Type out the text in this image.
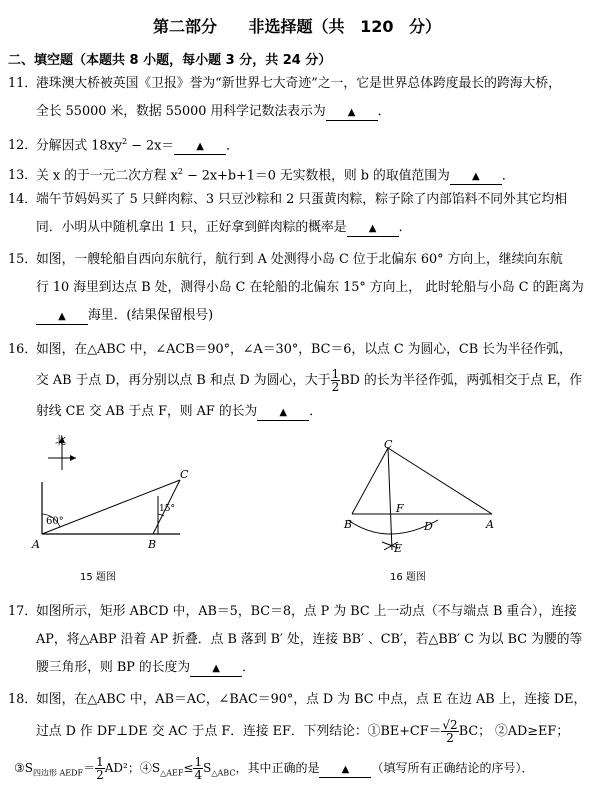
第二部分　 非选择题（共 120 分）
二、填空题（本题共 8 小题，每小题 3 分，共 24 分）
11．港珠澳大桥被英国《卫报》誉为“新世界七大奇迹”之一，它是世界总体跨度最长的跨海大桥，
全长 55000 米，数据 55000 用科学记数法表示为 ▲ ．
12．分解因式 $18xy^2 - 2x=$ ▲ ．
13．关 x 的于一元二次方程 $x^2 - 2x+b+1=0$ 无实数根，则 b 的取值范围为 ▲ ．
14．端午节妈妈买了 5 只鲜肉粽、3 只豆沙粽和 2 只蛋黄肉粽，粽子除了内部馅料不同外其它均相
同．小明从中随机拿出 1 只，正好拿到鲜肉粽的概率是 ▲ ．
15．如图，一艘轮船自西向东航行，航行到 A 处测得小岛 C 位于北偏东 60° 方向上，继续向东航
行 10 海里到达点 B 处，测得小岛 C 在轮船的北偏东 15° 方向上， 此时轮船与小岛 C 的距离为
▲ 海里．(结果保留根号)
16．如图，在△ABC 中，∠ACB＝90°，∠A＝30°，BC＝6，以点 C 为圆心，CB 长为半径作弧，
交 AB 于点 D，再分别以点 B 和点 D 为圆心，大于 $\frac{1}{2}$ BD 的长为半径作弧，两弧相交于点 E，作
射线 CE 交 AB 于点 F，则 AF 的长为 ▲ ．
北
A	B
C
60°
15°
15 题图
C
B	A
D
F
E
16 题图
17．如图所示，矩形 ABCD 中，AB＝5，BC＝8，点 P 为 BC 上一动点（不与端点 B 重合），连接
AP，将△ABP 沿着 AP 折叠．点 B 落到 B′ 处，连接 BB′ 、CB′，若△BB′ C 为以 BC 为腰的等
腰三角形，则 BP 的长度为 ▲ ．
18．如图，在△ABC 中，AB＝AC，∠BAC＝90°，点 D 为 BC 中点，点 E 在边 AB 上，连接 DE，
过点 D 作 DF⊥DE 交 AC 于点 F．连接 EF．下列结论：①BE+CF＝ $\frac{√2}{2}$ BC； ②AD≥EF；
$③S_{四边形 AEDF}= \frac{1}{2} AD^2$；$④S_{\triangle AEF}\le \frac{1}{4} S_{\triangle ABC}$，其中正确的是 ▲ （填写所有正确结论的序号）．
